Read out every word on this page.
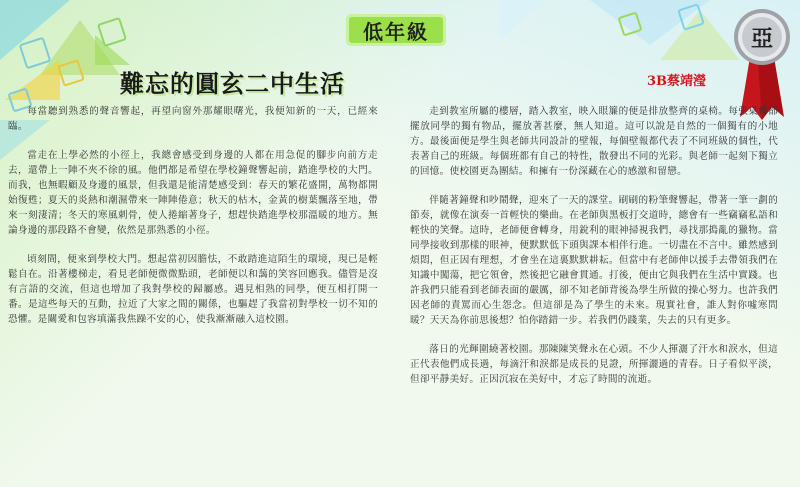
低年級
難忘的圓玄二中生活	3B蔡靖瀅
亞

每當聽到熟悉的聲音響起，再望向窗外那耀眼曙光，我便知新的一天，已經來臨。

當走在上學必然的小徑上，我總會感受到身邊的人都在用急促的腳步向前方走去，還帶上一陣不夾不徐的風。他們都是希望在學校鐘聲響起前，踏進學校的大門。而我，也無暇顧及身邊的風景，但我還是能清楚感受到：春天的繁花盛開，萬物都開始復甦；夏天的炎熱和潮濕帶來一陣陣倦意；秋天的枯木，金黃的樹葉飄落至地，帶來一刻淒清；冬天的寒風刺骨，使人捲縮著身子，想趕快踏進學校那溫暖的地方。無論身邊的那段路不會變，依然是那熟悉的小徑。

頃刻間，便來到學校大門。想起當初因膽怯，不敢踏進這陌生的環境，現已是輕鬆自在。沿著樓梯走，看見老師便微微點頭，老師便以和藹的笑容回應我。儘管是沒有言語的交流，但這也增加了我對學校的歸屬感。遇見相熟的同學，便互相打開一番。是這些每天的互動，拉近了大家之間的關係，也驅趕了我當初對學校一切不知的恐懼。是關愛和包容填滿我焦躁不安的心，使我漸漸融入這校園。

走到教室所屬的樓層，踏入教室，映入眼簾的便是排放整齊的桌椅。每張桌椅都擺放同學的獨有物品，擺放著甚麼，無人知道。這可以說是自然的一個獨有的小地方。最後面便是學生與老師共同設計的壁報，每個壁報都代表了不同班級的個性，代表著自己的班級。每個班都有自己的特性，散發出不同的光彩。與老師一起刻下獨立的回憶。使校園更為團結。和擁有一份深藏在心的感激和留戀。

伴隨著鐘聲和吵鬧聲，迎來了一天的課堂。刷刷的粉筆聲響起，帶著一筆一劃的節奏，就像在演奏一首輕快的樂曲。在老師與黑板打交道時，總會有一些竊竊私語和輕快的笑聲。這時，老師便會轉身，用銳利的眼神掃視我們，尋找那搗亂的獵物。當同學接收到那樣的眼神，便默默低下頭與課本相伴行進。一切盡在不言中。雖然感到煩悶，但正因有理想，才會坐在這裏默默耕耘。但當中有老師伸以援手去帶領我們在知識中闖蕩，把它領會，然後把它融會貫通。打後，便由它與我們在生活中實踐。也許我們只能看到老師表面的嚴厲，卻不知老師背後為學生所做的操心努力。也許我們因老師的責罵而心生怨念。但這卻是為了學生的未來。現實社會，誰人對你噓寒問暖？天天為你前思後想？怕你踏錯一步。若我們仍踐業，失去的只有更多。

落日的光輝圍繞著校園。那陳陳笑聲永在心頭。不少人揮灑了汗水和淚水，但這正代表他們成長過，每滴汗和淚都是成長的見證，所揮灑過的青春。日子看似平淡，但卻平靜美好。正因沉寂在美好中，才忘了時間的流逝。
